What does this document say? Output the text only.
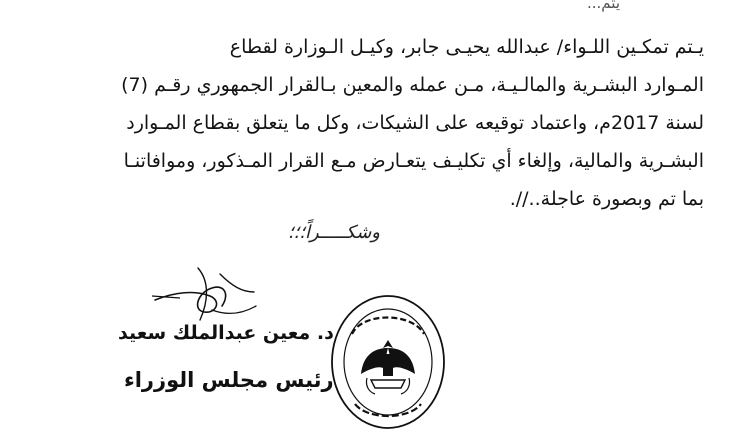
يتم...

يـتم تمكـين اللـواء/ عبدالله يحيـى جابر، وكيـل الـوزارة لقطاع

المـوارد البشـرية والمالـيـة، مـن عمله والمعين بـالقرار الجمهوري رقـم (7)

لسنة 2017م، واعتماد توقيعه على الشيكات، وكل ما يتعلق بقطاع المـوارد

البشـرية والمالية، وإلغاء أي تكليـف يتعـارض مـع القرار المـذكور، وموافاتنـا

بما تم وبصورة عاجلة..//.

وشكـــــراً؛؛؛
د. معين عبدالملك سعيد
رئيس مجلس الوزراء
